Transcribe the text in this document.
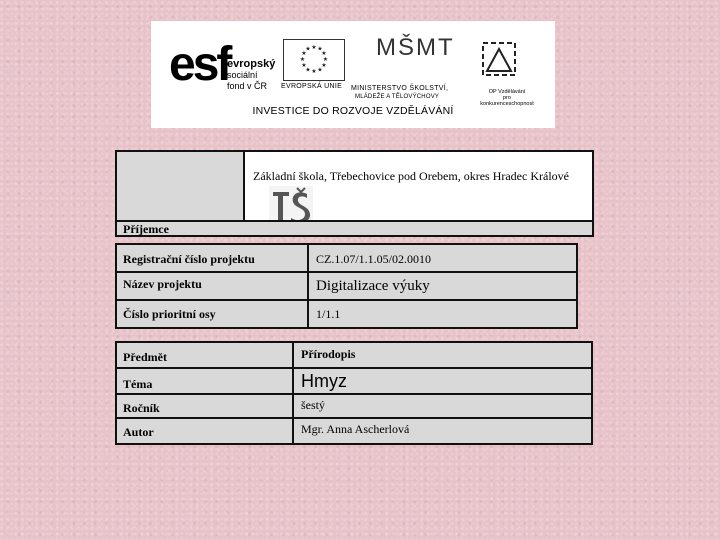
esf
evropský
sociální
fond v ČR
★ ★
★
★
★
★
★
★
★
★
★
★
EVROPSKÁ UNIE
MŠMT
MINISTERSTVO ŠKOLSTVÍ,
MLÁDEŽE A TĚLOVÝCHOVY
OP Vzdělávání
pro konkurenceschopnost
INVESTICE DO ROZVOJE VZDĚLÁVÁNÍ
Základní škola, Třebechovice pod Orebem, okres Hradec Králové
Příjemce
Registrační číslo projektu	CZ.1.07/1.1.05/02.0010
Název projektu	Digitalizace výuky
Číslo prioritní osy	1/1.1
Předmět	Přírodopis
Téma	Hmyz
Ročník	šestý
Autor	Mgr. Anna Ascherlová
